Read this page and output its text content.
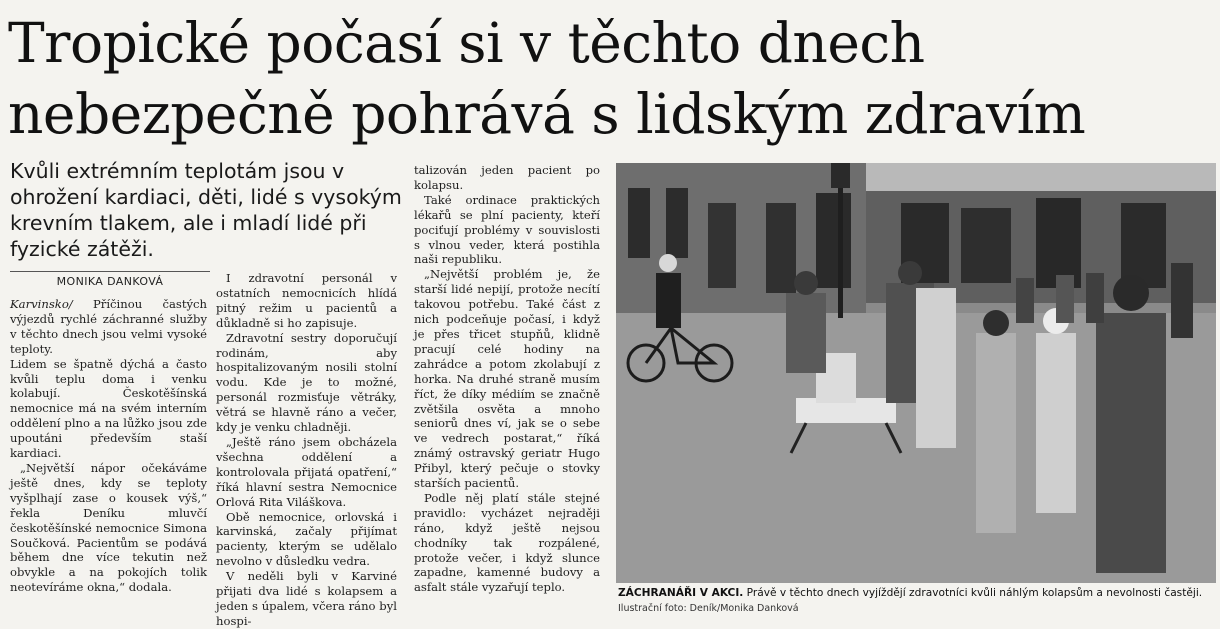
Tropické počasí si v těchto dnech nebezpečně pohrává s lidským zdravím

Kvůli extrémním teplotám jsou v ohrožení kardiaci, děti, lidé s vysokým krevním tlakem, ale i mladí lidé při fyzické zátěži.

MONIKA DANKOVÁ

Karvinsko/ Příčinou častých výjezdů rychlé záchranné služby v těchto dnech jsou velmi vysoké teploty.

Lidem se špatně dýchá a často kvůli teplu doma i venku kolabují. Českotěšínská nemocnice má na svém interním oddělení plno a na lůžko jsou zde upoutáni především staší kardiaci.

„Největší nápor očekáváme ještě dnes, kdy se teploty vyšplhají zase o kousek výš,“ řekla Deníku mluvčí českotěšínské nemocnice Simona Součková. Pacientům se podává během dne více tekutin než obvykle a na pokojích tolik neotevíráme okna,“ dodala.

I zdravotní personál v ostatních nemocnicích hlídá pitný režim u pacientů a důkladně si ho zapisuje.

Zdravotní sestry doporučují rodinám, aby hospitalizovaným nosili stolní vodu. Kde je to možné, personál rozmisťuje větráky, větrá se hlavně ráno a večer, kdy je venku chladněji.

„Ještě ráno jsem obcházela všechna oddělení a kontrolovala přijatá opatření,“ říká hlavní sestra Nemocnice Orlová Rita Viláškova.

Obě nemocnice, orlovská i karvinská, začaly přijímat pacienty, kterým se udělalo nevolno v důsledku vedra.

V neděli byli v Karviné přijati dva lidé s kolapsem a jeden s úpalem, včera ráno byl hospi-

talizován jeden pacient po kolapsu.

Také ordinace praktických lékařů se plní pacienty, kteří pociťují problémy v souvislosti s vlnou veder, která postihla naši republiku.

„Největší problém je, že starší lidé nepijí, protože necítí takovou potřebu. Také část z nich podceňuje počasí, i když je přes třicet stupňů, klidně pracují celé hodiny na zahrádce a potom zkolabují z horka. Na druhé straně musím říct, že díky médiím se značně zvětšila osvěta a mnoho seniorů dnes ví, jak se o sebe ve vedrech postarat,“ říká známý ostravský geriatr Hugo Přibyl, který pečuje o stovky starších pacientů.

Podle něj platí stále stejné pravidlo: vycházet nejraději ráno, když ještě nejsou chodníky tak rozpálené, protože večer, i když slunce zapadne, kamenné budovy a asfalt stále vyzařují teplo.	ZÁCHRANÁŘI V AKCI. Právě v těchto dnech vyjíždějí zdravotníci kvůli náhlým kolapsům a nevolnosti častěji.
Ilustrační foto: Deník/Monika Danková
